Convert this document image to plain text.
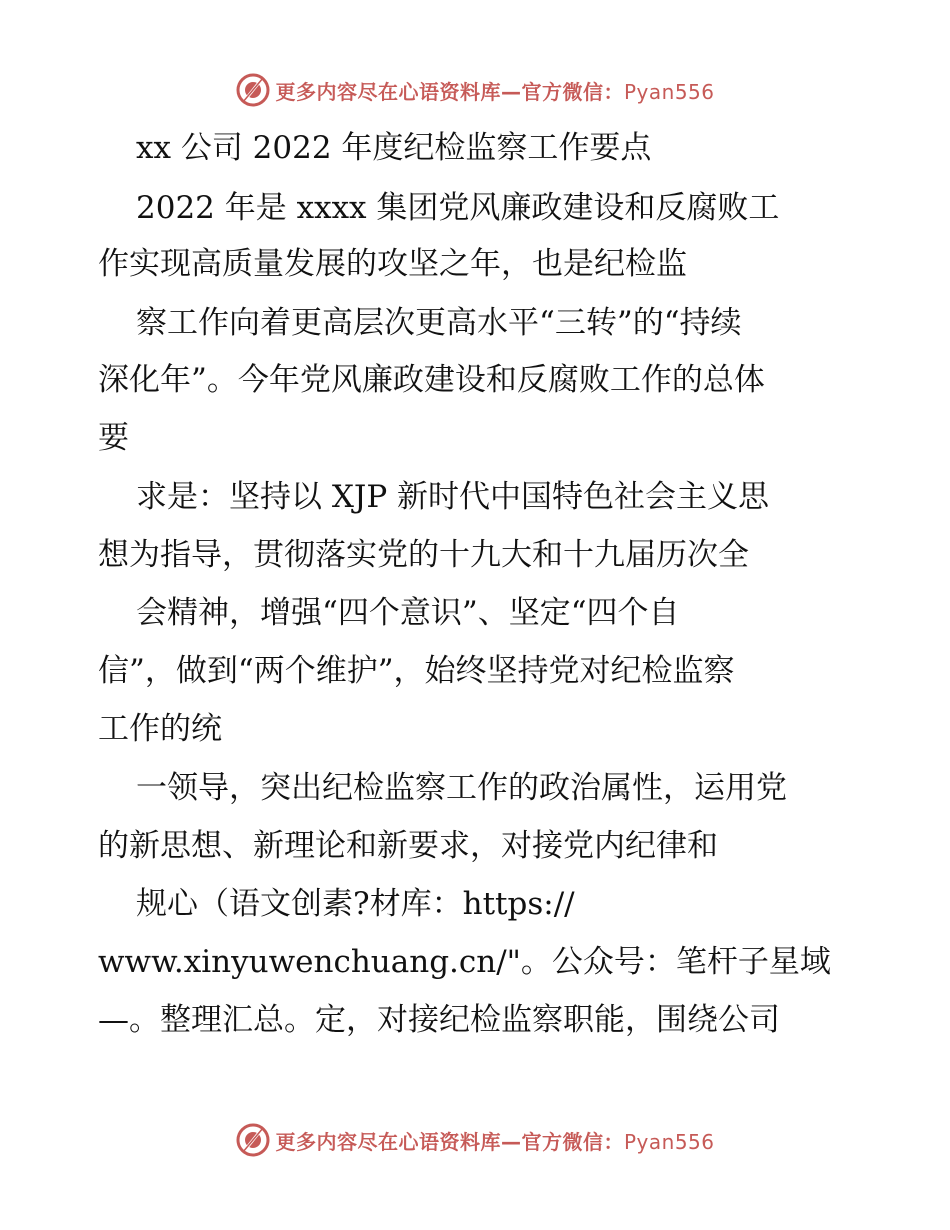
更多内容尽在心语资料库—官方微信：Pyan556
xx 公司 2022 年度纪检监察工作要点
2022 年是 xxxx 集团党风廉政建设和反腐败工
作实现高质量发展的攻坚之年，也是纪检监
察工作向着更高层次更高水平“三转”的“持续
深化年”。今年党风廉政建设和反腐败工作的总体
要
求是：坚持以 XJP 新时代中国特色社会主义思
想为指导，贯彻落实党的十九大和十九届历次全
会精神，增强“四个意识”、坚定“四个自
信”，做到“两个维护”，始终坚持党对纪检监察
工作的统
一领导，突出纪检监察工作的政治属性，运用党
的新思想、新理论和新要求，对接党内纪律和
规心（语文创素?材库：https://
www.xinyuwenchuang.cn/"。公众号：笔杆子星域
—。整理汇总。定，对接纪检监察职能，围绕公司
更多内容尽在心语资料库—官方微信：Pyan556
